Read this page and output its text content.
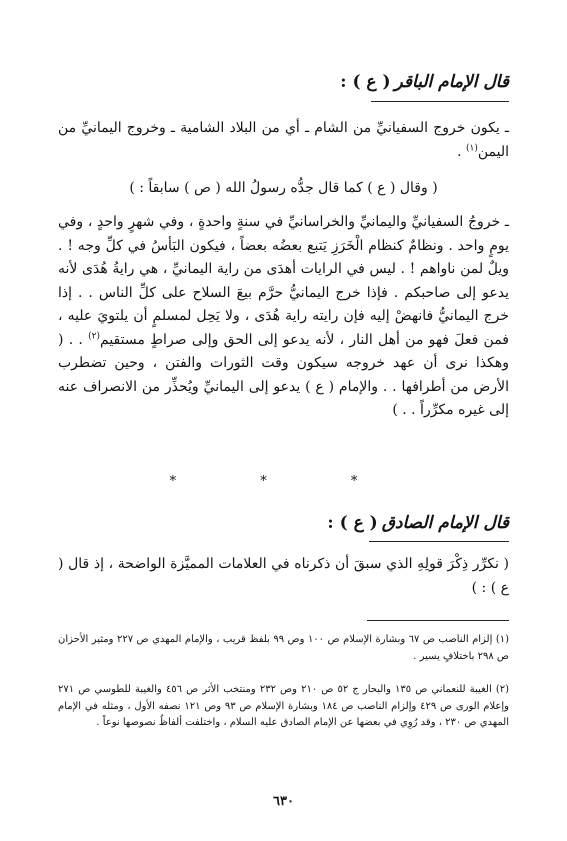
قال الإمام الباقر( ع ) :

ـ يكون خروج السفيانيِّ من الشام ـ أي من البلاد الشامية ـ وخروج اليمانيِّ من اليمن$^{(١)}$ .

( وقال ( ع ) كما قال جدُّه رسولُ الله ( ص ) سابقاً : )

ـ خروجُ السفيانيِّ واليمانيِّ والخراسانيِّ في سنةٍ واحدةٍ ، وفي شهرٍ واحدٍ ، وفي يومٍ واحد . ونظامٌ كنظام الْخَرَزِ يَتبع بعضُه بعضاً ، فيكون البَأسُ في كلِّ وجه ! . ويلٌ لمن ناواهم ! . ليس في الرايات أهدَى من راية اليمانيِّ ، هي رايةُ هُدَى لأنه يدعو إلى صاحبكم . فإذا خرج اليمانيُّ حرَّم بيعَ السلاح على كلِّ الناس . . إذا خرج اليمانيُّ فانهضْ إليه فإن رايته راية هُدَى ، ولا يَحِل لمسلمٍ أن يلتويَ عليه ، فمن فعلَ فهو من أهل النار ، لأنه يدعو إلى الحق وإلى صراطٍ مستقيم$^{(٢)}$ . . ( وهكذا نرى أن عهد خروجه سيكون وقت الثورات والفتن ، وحين تضطرب الأرض من أطرافها . . والإمام ( ع ) يدعو إلى اليمانيِّ ويُحذِّر من الانصراف عنه إلى غيره مكرِّراً . . )

* * *
قال الإمام الصادق( ع ) :

( نكرِّر ذِكْرَ قولِهِ الذي سبقَ أن ذكرناه في العلامات المميَّزة الواضحة ، إذ قال ( ع ) : )

(١) إلزام الناصب ص ٦٧ وبشارة الإسلام ص ١٠٠ وص ٩٩ بلفظ قريب ، والإمام المهدي ص ٢٢٧ ومثير الأحزان ص ٢٩٨ باختلافٍ يسير .

(٢) الغيبة للنعماني ص ١٣٥ والبحار ج ٥٢ ص ٢١٠ وص ٢٣٢ ومنتخب الأثر ص ٤٥٦ والغيبة للطوسي ص ٢٧١ وإعلام الورى ص ٤٢٩ وإلزام الناصب ص ١٨٤ وبشارة الإسلام ص ٩٣ وص ١٢١ نصفه الأول ، ومثله في الإمام المهدي ص ٢٣٠ ، وقد رُوِي في بعضها عن الإمام الصادق عليه السلام ، واختلفت ألفاظُ نصوصها نوعاً .

٦٣٠
